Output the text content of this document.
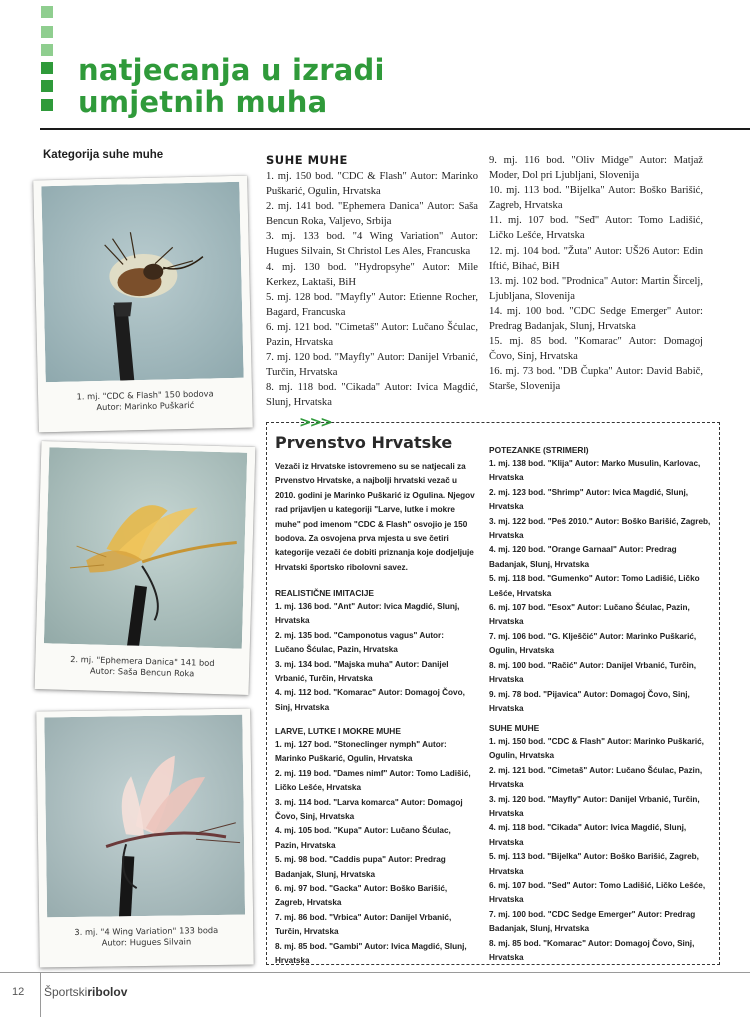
natjecanja u izradi
umjetnih muha
Kategorija suhe muhe
1. mj. "CDC & Flash" 150 bodova
Autor: Marinko Puškarić
2. mj. "Ephemera Danica" 141 bod
Autor: Saša Bencun Roka
3. mj. "4 Wing Variation" 133 boda
Autor: Hugues Silvain
SUHE MUHE
1. mj. 150 bod. "CDC & Flash" Autor: Marinko Puškarić, Ogulin, Hrvatska
2. mj. 141 bod. "Ephemera Danica" Autor: Saša Bencun Roka, Valjevo, Srbija
3. mj. 133 bod. "4 Wing Variation" Autor: Hugues Silvain, St Christol Les Ales, Francuska
4. mj. 130 bod. "Hydropsyhe" Autor: Mile Kerkez, Laktaši, BiH
5. mj. 128 bod. "Mayfly" Autor: Etienne Rocher, Bagard, Francuska
6. mj. 121 bod. "Cimetaš" Autor: Lučano Šćulac, Pazin, Hrvatska
7. mj. 120 bod. "Mayfly" Autor: Danijel Vrbanić, Turčin, Hrvatska
8. mj. 118 bod. "Cikada" Autor: Ivica Magdić, Slunj, Hrvatska
9. mj. 116 bod. "Oliv Midge" Autor: Matjaž Moder, Dol pri Ljubljani, Slovenija
10. mj. 113 bod. "Bijelka" Autor: Boško Barišić, Zagreb, Hrvatska
11. mj. 107 bod. "Seđ" Autor: Tomo Ladišić, Ličko Lešće, Hrvatska
12. mj. 104 bod. "Žuta" Autor: UŠ26 Autor: Edin Iftić, Bihać, BiH
13. mj. 102 bod. "Prodnica" Autor: Martin Šircelj, Ljubljana, Slovenija
14. mj. 100 bod. "CDC Sedge Emerger" Autor: Predrag Badanjak, Slunj, Hrvatska
15. mj. 85 bod. "Komarac" Autor: Domagoj Čovo, Sinj, Hrvatska
16. mj. 73 bod. "DB Čupka" Autor: David Babič, Starše, Slovenija
>>>
Prvenstvo Hrvatske
Vezači iz Hrvatske istovremeno su se natjecali za Prvenstvo Hrvatske, a najbolji hrvatski vezač u 2010. godini je Marinko Puškarić iz Ogulina. Njegov rad prijavljen u kategoriji "Larve, lutke i mokre muhe" pod imenom "CDC & Flash" osvojio je 150 bodova. Za osvojena prva mjesta u sve četiri kategorije vezači će dobiti priznanja koje dodjeljuje Hrvatski športsko ribolovni savez.
REALISTIČNE IMITACIJE
1. mj. 136 bod. "Ant" Autor: Ivica Magdić, Slunj, Hrvatska
2. mj. 135 bod. "Camponotus vagus" Autor: Lučano Šćulac, Pazin, Hrvatska
3. mj. 134 bod. "Majska muha" Autor: Danijel Vrbanić, Turčin, Hrvatska
4. mj. 112 bod. "Komarac" Autor: Domagoj Čovo, Sinj, Hrvatska
LARVE, LUTKE I MOKRE MUHE
1. mj. 127 bod. "Stoneclinger nymph" Autor: Marinko Puškarić, Ogulin, Hrvatska
2. mj. 119 bod. "Dames nimf" Autor: Tomo Ladišić, Ličko Lešće, Hrvatska
3. mj. 114 bod. "Larva komarca" Autor: Domagoj Čovo, Sinj, Hrvatska
4. mj. 105 bod. "Kupa" Autor: Lučano Šćulac, Pazin, Hrvatska
5. mj. 98 bod. "Caddis pupa" Autor: Predrag Badanjak, Slunj, Hrvatska
6. mj. 97 bod. "Gacka" Autor: Boško Barišić, Zagreb, Hrvatska
7. mj. 86 bod. "Vrbica" Autor: Danijel Vrbanić, Turčin, Hrvatska
8. mj. 85 bod. "Gambi" Autor: Ivica Magdić, Slunj, Hrvatska
POTEZANKE (STRIMERI)
1. mj. 138 bod. "Klija" Autor: Marko Musulin, Karlovac, Hrvatska
2. mj. 123 bod. "Shrimp" Autor: Ivica Magdić, Slunj, Hrvatska
3. mj. 122 bod. "Peš 2010." Autor: Boško Barišić, Zagreb, Hrvatska
4. mj. 120 bod. "Orange Garnaal" Autor: Predrag Badanjak, Slunj, Hrvatska
5. mj. 118 bod. "Gumenko" Autor: Tomo Ladišić, Ličko Lešće, Hrvatska
6. mj. 107 bod. "Esox" Autor: Lučano Šćulac, Pazin, Hrvatska
7. mj. 106 bod. "G. Klješčić" Autor: Marinko Puškarić, Ogulin, Hrvatska
8. mj. 100 bod. "Račić" Autor: Danijel Vrbanić, Turčin, Hrvatska
9. mj. 78 bod. "Pijavica" Autor: Domagoj Čovo, Sinj, Hrvatska
SUHE MUHE
1. mj. 150 bod. "CDC & Flash" Autor: Marinko Puškarić, Ogulin, Hrvatska
2. mj. 121 bod. "Cimetaš" Autor: Lučano Šćulac, Pazin, Hrvatska
3. mj. 120 bod. "Mayfly" Autor: Danijel Vrbanić, Turčin, Hrvatska
4. mj. 118 bod. "Cikada" Autor: Ivica Magdić, Slunj, Hrvatska
5. mj. 113 bod. "Bijelka" Autor: Boško Barišić, Zagreb, Hrvatska
6. mj. 107 bod. "Sed" Autor: Tomo Ladišić, Ličko Lešće, Hrvatska
7. mj. 100 bod. "CDC Sedge Emerger" Autor: Predrag Badanjak, Slunj, Hrvatska
8. mj. 85 bod. "Komarac" Autor: Domagoj Čovo, Sinj, Hrvatska
12 Športskiribolov
